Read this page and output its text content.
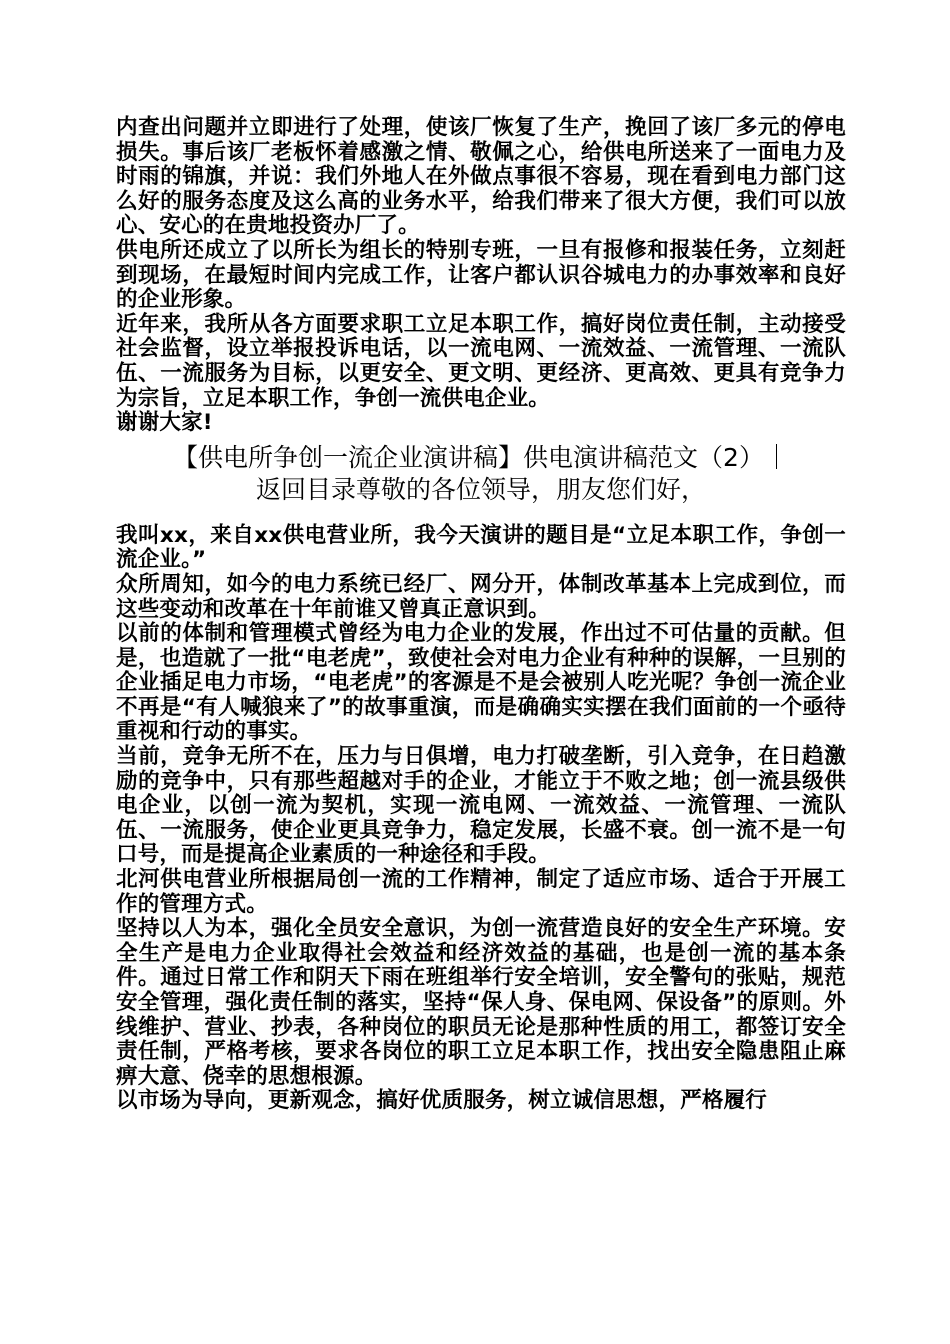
内查出问题并立即进行了处理，使该厂恢复了生产，挽回了该厂多元的停电损失。事后该厂老板怀着感激之情、敬佩之心，给供电所送来了一面电力及时雨的锦旗，并说：我们外地人在外做点事很不容易，现在看到电力部门这么好的服务态度及这么高的业务水平，给我们带来了很大方便，我们可以放心、安心的在贵地投资办厂了。

供电所还成立了以所长为组长的特别专班，一旦有报修和报装任务，立刻赶到现场，在最短时间内完成工作，让客户都认识谷城电力的办事效率和良好的企业形象。

近年来，我所从各方面要求职工立足本职工作，搞好岗位责任制，主动接受社会监督，设立举报投诉电话，以一流电网、一流效益、一流管理、一流队伍、一流服务为目标，以更安全、更文明、更经济、更高效、更具有竞争力为宗旨，立足本职工作，争创一流供电企业。

谢谢大家!

【供电所争创一流企业演讲稿】供电演讲稿范文（2）｜
返回目录尊敬的各位领导，朋友您们好，

我叫xx，来自xx供电营业所，我今天演讲的题目是“立足本职工作，争创一流企业。”

众所周知，如今的电力系统已经厂、网分开，体制改革基本上完成到位，而这些变动和改革在十年前谁又曾真正意识到。

以前的体制和管理模式曾经为电力企业的发展，作出过不可估量的贡献。但是，也造就了一批“电老虎”，致使社会对电力企业有种种的误解，一旦别的企业插足电力市场，“电老虎”的客源是不是会被别人吃光呢？争创一流企业不再是“有人喊狼来了”的故事重演，而是确确实实摆在我们面前的一个亟待重视和行动的事实。

当前，竞争无所不在，压力与日俱增，电力打破垄断，引入竞争，在日趋激励的竞争中，只有那些超越对手的企业，才能立于不败之地；创一流县级供电企业，以创一流为契机，实现一流电网、一流效益、一流管理、一流队伍、一流服务，使企业更具竞争力，稳定发展，长盛不衰。创一流不是一句口号，而是提高企业素质的一种途径和手段。

北河供电营业所根据局创一流的工作精神，制定了适应市场、适合于开展工作的管理方式。

坚持以人为本，强化全员安全意识，为创一流营造良好的安全生产环境。安全生产是电力企业取得社会效益和经济效益的基础，也是创一流的基本条件。通过日常工作和阴天下雨在班组举行安全培训，安全警句的张贴，规范安全管理，强化责任制的落实，坚持“保人身、保电网、保设备”的原则。外线维护、营业、抄表，各种岗位的职员无论是那种性质的用工，都签订安全责任制，严格考核，要求各岗位的职工立足本职工作，找出安全隐患阻止麻痹大意、侥幸的思想根源。

以市场为导向，更新观念，搞好优质服务，树立诚信思想，严格履行
